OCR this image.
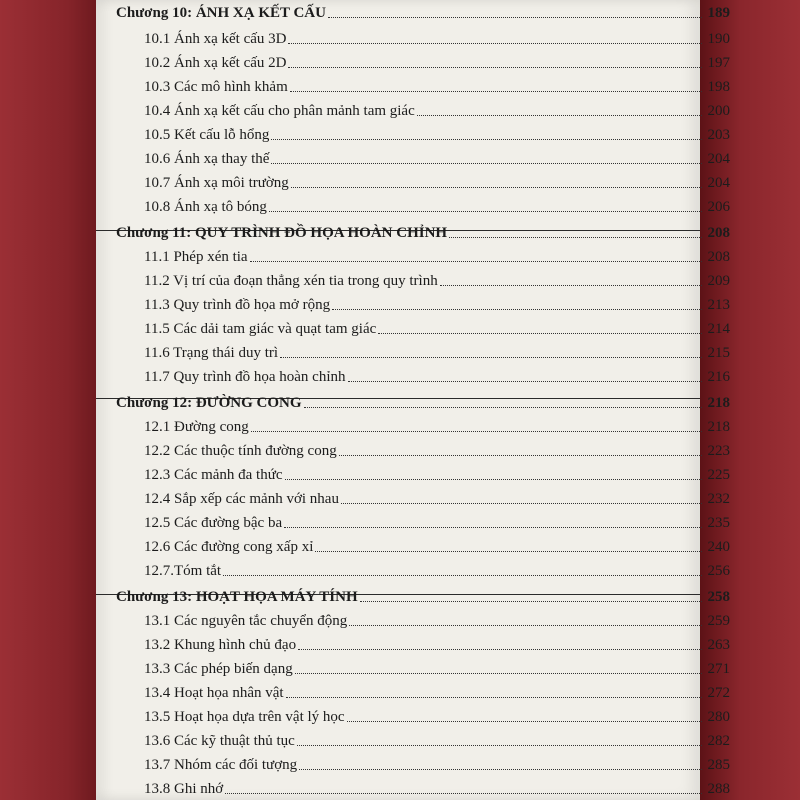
Chương 10: ÁNH XẠ KẾT CẤU	189
10.1 Ánh xạ kết cấu 3D	190
10.2 Ánh xạ kết cấu 2D	197
10.3 Các mô hình khảm	198
10.4 Ánh xạ kết cấu cho phân mảnh tam giác	200
10.5 Kết cấu lỗ hổng	203
10.6 Ánh xạ thay thế	204
10.7 Ánh xạ môi trường	204
10.8 Ánh xạ tô bóng	206
Chương 11: QUY TRÌNH ĐỒ HỌA HOÀN CHỈNH	208
11.1 Phép xén tia	208
11.2 Vị trí của đoạn thẳng xén tia trong quy trình	209
11.3 Quy trình đồ họa mở rộng	213
11.5 Các dải tam giác và quạt tam giác	214
11.6 Trạng thái duy trì	215
11.7 Quy trình đồ họa hoàn chỉnh	216
Chương 12: ĐƯỜNG CONG	218
12.1 Đường cong	218
12.2 Các thuộc tính đường cong	223
12.3 Các mảnh đa thức	225
12.4 Sắp xếp các mảnh với nhau	232
12.5 Các đường bậc ba	235
12.6 Các đường cong xấp xỉ	240
12.7.Tóm tắt	256
Chương 13: HOẠT HỌA MÁY TÍNH	258
13.1 Các nguyên tắc chuyển động	259
13.2 Khung hình chủ đạo	263
13.3 Các phép biến dạng	271
13.4 Hoạt họa nhân vật	272
13.5 Hoạt họa dựa trên vật lý học	280
13.6 Các kỹ thuật thủ tục	282
13.7 Nhóm các đối tượng	285
13.8 Ghi nhớ	288
